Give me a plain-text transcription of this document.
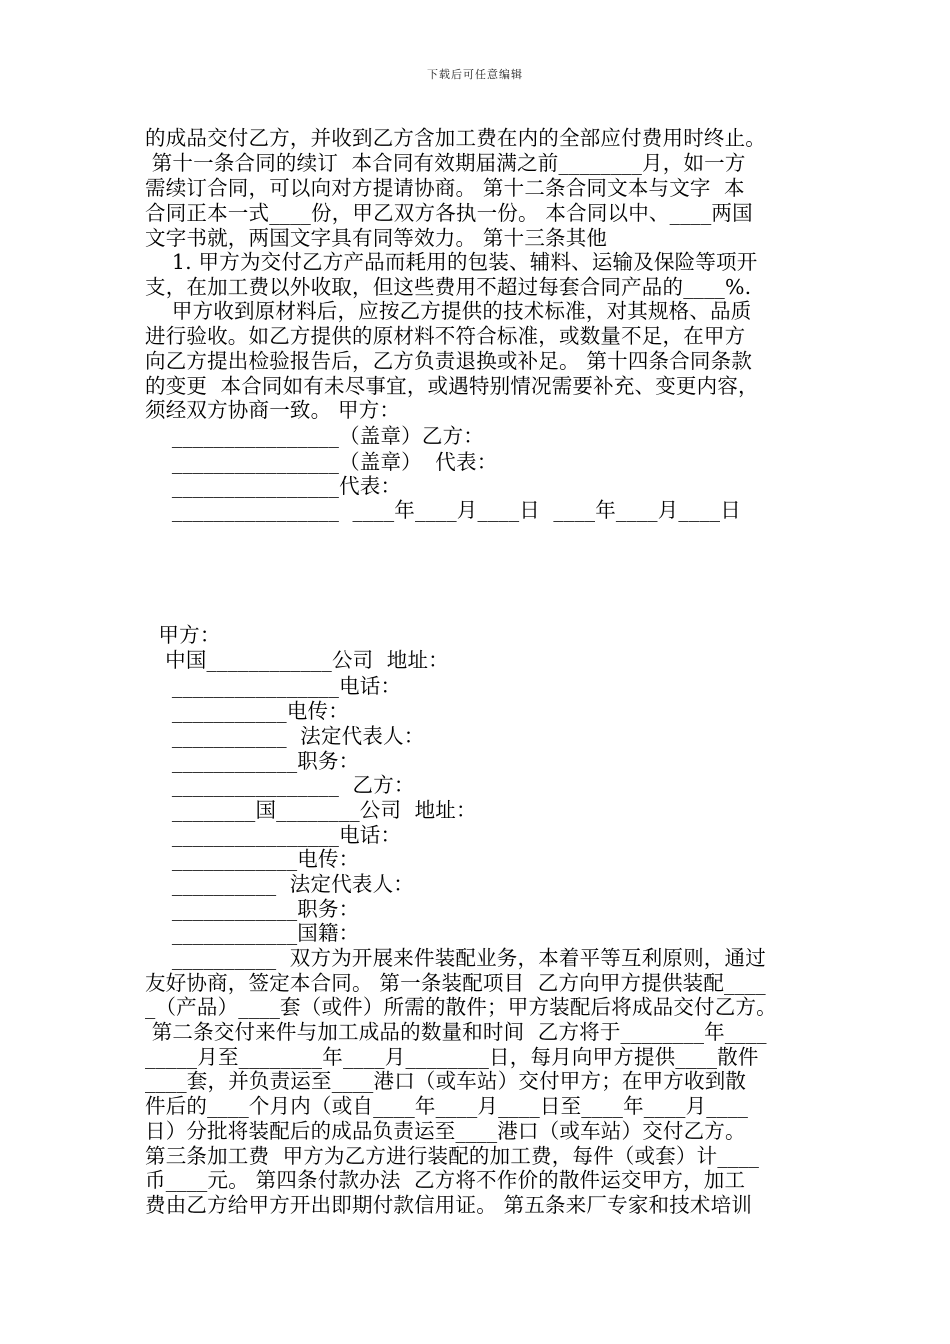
下载后可任意编辑
的成品交付乙方，并收到乙方含加工费在内的全部应付费用时终止。
第十一条合同的续订  本合同有效期届满之前________月，如一方
需续订合同，可以向对方提请协商。 第十二条合同文本与文字  本
合同正本一式____份，甲乙双方各执一份。 本合同以中、____两国
文字书就，两国文字具有同等效力。 第十三条其他
1. 甲方为交付乙方产品而耗用的包装、辅料、运输及保险等项开
支，在加工费以外收取，但这些费用不超过每套合同产品的____%.
甲方收到原材料后，应按乙方提供的技术标准，对其规格、品质
进行验收。如乙方提供的原材料不符合标准，或数量不足，在甲方
向乙方提出检验报告后，乙方负责退换或补足。 第十四条合同条款
的变更  本合同如有未尽事宜，或遇特别情况需要补充、变更内容，
须经双方协商一致。 甲方：
________________（盖章）乙方：
________________（盖章）  代表：
________________代表：
________________  ____年____月____日  ____年____月____日
甲方：
中国____________公司  地址：
________________电话：
___________电传：
___________  法定代表人：
____________职务：
________________  乙方：
________国________公司  地址：
________________电话：
____________电传：
__________  法定代表人：
____________职务：
____________国籍：
__________  双方为开展来件装配业务，本着平等互利原则，通过
友好协商，签定本合同。 第一条装配项目  乙方向甲方提供装配____
_（产品）____套（或件）所需的散件；甲方装配后将成品交付乙方。
第二条交付来件与加工成品的数量和时间  乙方将于________年____
_____月至________年____月________日，每月向甲方提供____散件
____套，并负责运至____港口（或车站）交付甲方；在甲方收到散
件后的____个月内（或自____年____月____日至____年____月____
日）分批将装配后的成品负责运至____港口（或车站）交付乙方。
第三条加工费  甲方为乙方进行装配的加工费，每件（或套）计____
币____元。 第四条付款办法  乙方将不作价的散件运交甲方，加工
费由乙方给甲方开出即期付款信用证。 第五条来厂专家和技术培训
